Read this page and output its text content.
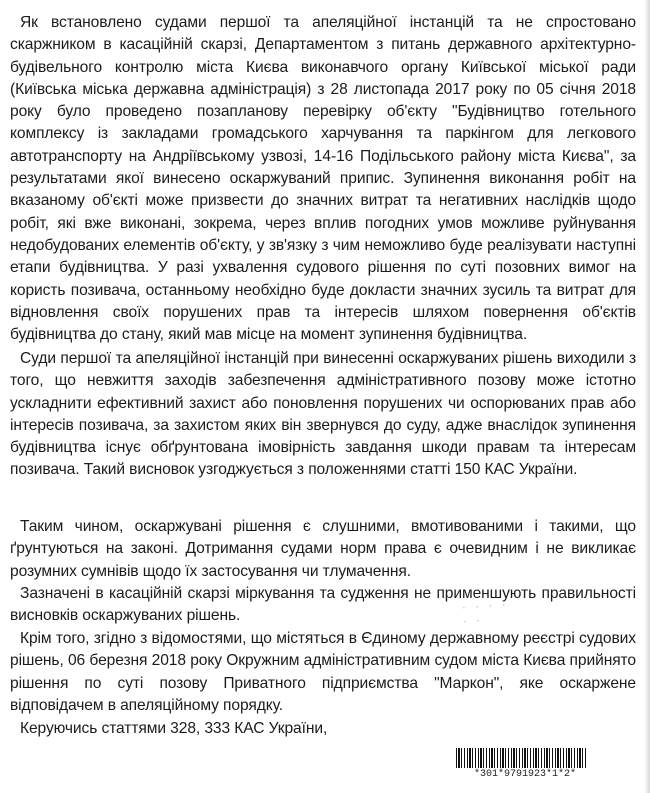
Як встановлено судами першої та апеляційної інстанцій та не спростовано скаржником в касаційній скарзі, Департаментом з питань державного архітектурно-будівельного контролю міста Києва виконавчого органу Київської міської ради (Київська міська державна адміністрація) з 28 листопада 2017 року по 05 січня 2018 року було проведено позапланову перевірку об'єкту "Будівництво готельного комплексу із закладами громадського харчування та паркінгом для легкового автотранспорту на Андріївському узвозі, 14-16 Подільського району міста Києва", за результатами якої винесено оскаржуваний припис. Зупинення виконання робіт на вказаному об'єкті може призвести до значних витрат та негативних наслідків щодо робіт, які вже виконані, зокрема, через вплив погодних умов можливе руйнування недобудованих елементів об'єкту, у зв'язку з чим неможливо буде реалізувати наступні етапи будівництва. У разі ухвалення судового рішення по суті позовних вимог на користь позивача, останньому необхідно буде докласти значних зусиль та витрат для відновлення своїх порушених прав та інтересів шляхом повернення об'єктів будівництва до стану, який мав місце на момент зупинення будівництва.

Суди першої та апеляційної інстанцій при винесенні оскаржуваних рішень виходили з того, що невжиття заходів забезпечення адміністративного позову може істотно ускладнити ефективний захист або поновлення порушених чи оспорюваних прав або інтересів позивача, за захистом яких він звернувся до суду, адже внаслідок зупинення будівництва існує обґрунтована імовірність завдання шкоди правам та інтересам позивача. Такий висновок узгоджується з положеннями статті 150 КАС України.

Таким чином, оскаржувані рішення є слушними, вмотивованими і такими, що ґрунтуються на законі. Дотримання судами норм права є очевидним і не викликає розумних сумнівів щодо їх застосування чи тлумачення.

Зазначені в касаційній скарзі міркування та судження не применшують правильності висновків оскаржуваних рішень.

Крім того, згідно з відомостями, що містяться в Єдиному державному реєстрі судових рішень, 06 березня 2018 року Окружним адміністративним судом міста Києва прийнято рішення по суті позову Приватного підприємства "Маркон", яке оскаржене відповідачем в апеляційному порядку.

Керуючись статтями 328, 333 КАС України,

· · · · · ·
*301*9791923*1*2*
